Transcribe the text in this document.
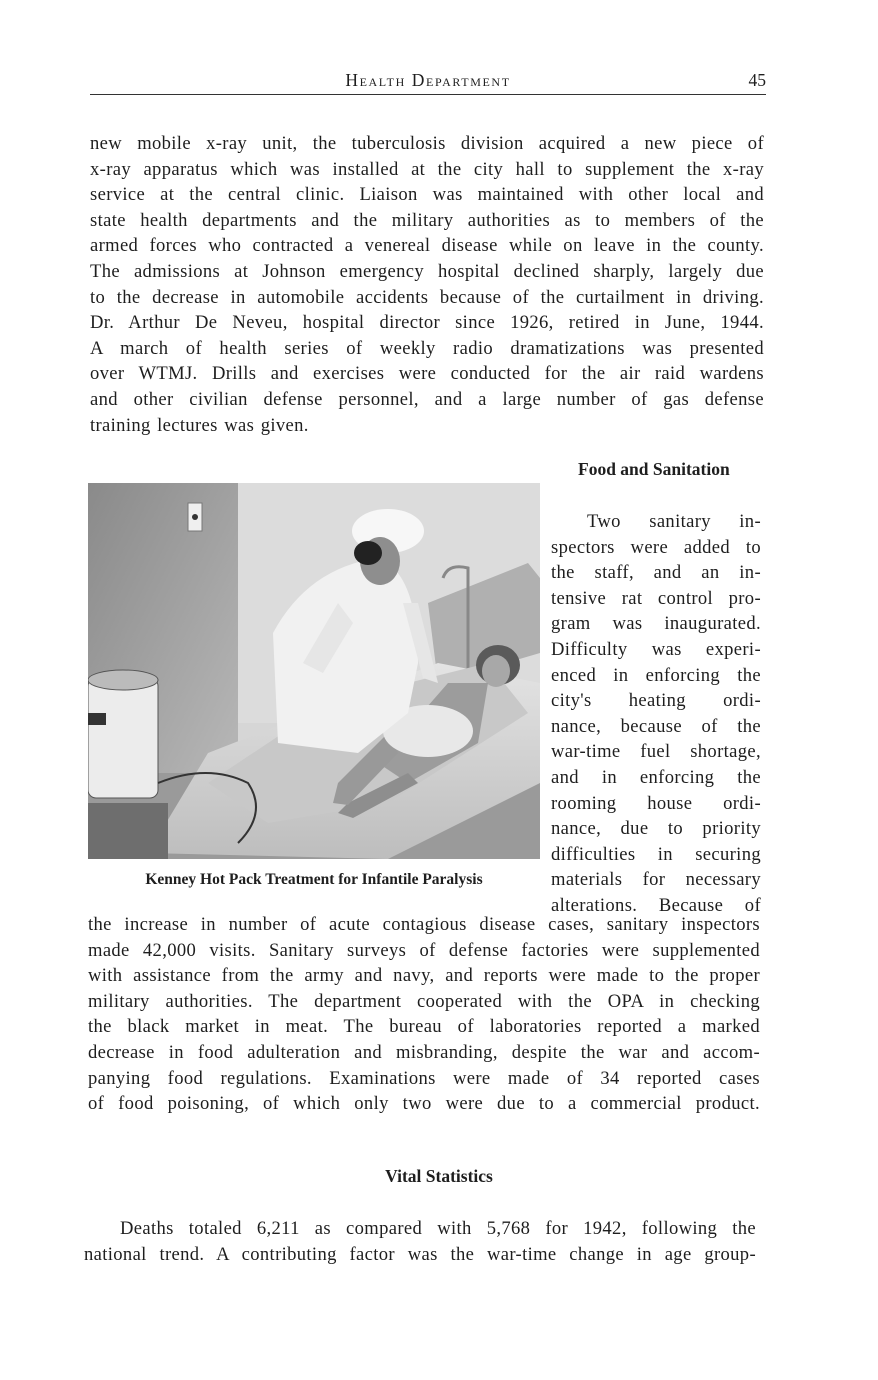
Health Department	45
new mobile x-ray unit, the tuberculosis division acquired a new piece of
x-ray apparatus which was installed at the city hall to supplement the x-ray
service at the central clinic. Liaison was maintained with other local and
state health departments and the military authorities as to members of the
armed forces who contracted a venereal disease while on leave in the county.
The admissions at Johnson emergency hospital declined sharply, largely due
to the decrease in automobile accidents because of the curtailment in driving.
Dr. Arthur De Neveu, hospital director since 1926, retired in June, 1944.
A march of health series of weekly radio dramatizations was presented
over WTMJ. Drills and exercises were conducted for the air raid wardens
and other civilian defense personnel, and a large number of gas defense
training lectures was given.
Food and Sanitation

Kenney Hot Pack Treatment for Infantile Paralysis

Two sanitary in-
spectors were added to
the staff, and an in-
tensive rat control pro-
gram was inaugurated.
Difficulty was experi-
enced in enforcing the
city's heating ordi-
nance, because of the
war-time fuel shortage,
and in enforcing the
rooming house ordi-
nance, due to priority
difficulties in securing
materials for necessary
alterations. Because of
the increase in number of acute contagious disease cases, sanitary inspectors
made 42,000 visits. Sanitary surveys of defense factories were supplemented
with assistance from the army and navy, and reports were made to the proper
military authorities. The department cooperated with the OPA in checking
the black market in meat. The bureau of laboratories reported a marked
decrease in food adulteration and misbranding, despite the war and accom-
panying food regulations. Examinations were made of 34 reported cases
of food poisoning, of which only two were due to a commercial product.
Vital Statistics
Deaths totaled 6,211 as compared with 5,768 for 1942, following the
national trend. A contributing factor was the war-time change in age group-
